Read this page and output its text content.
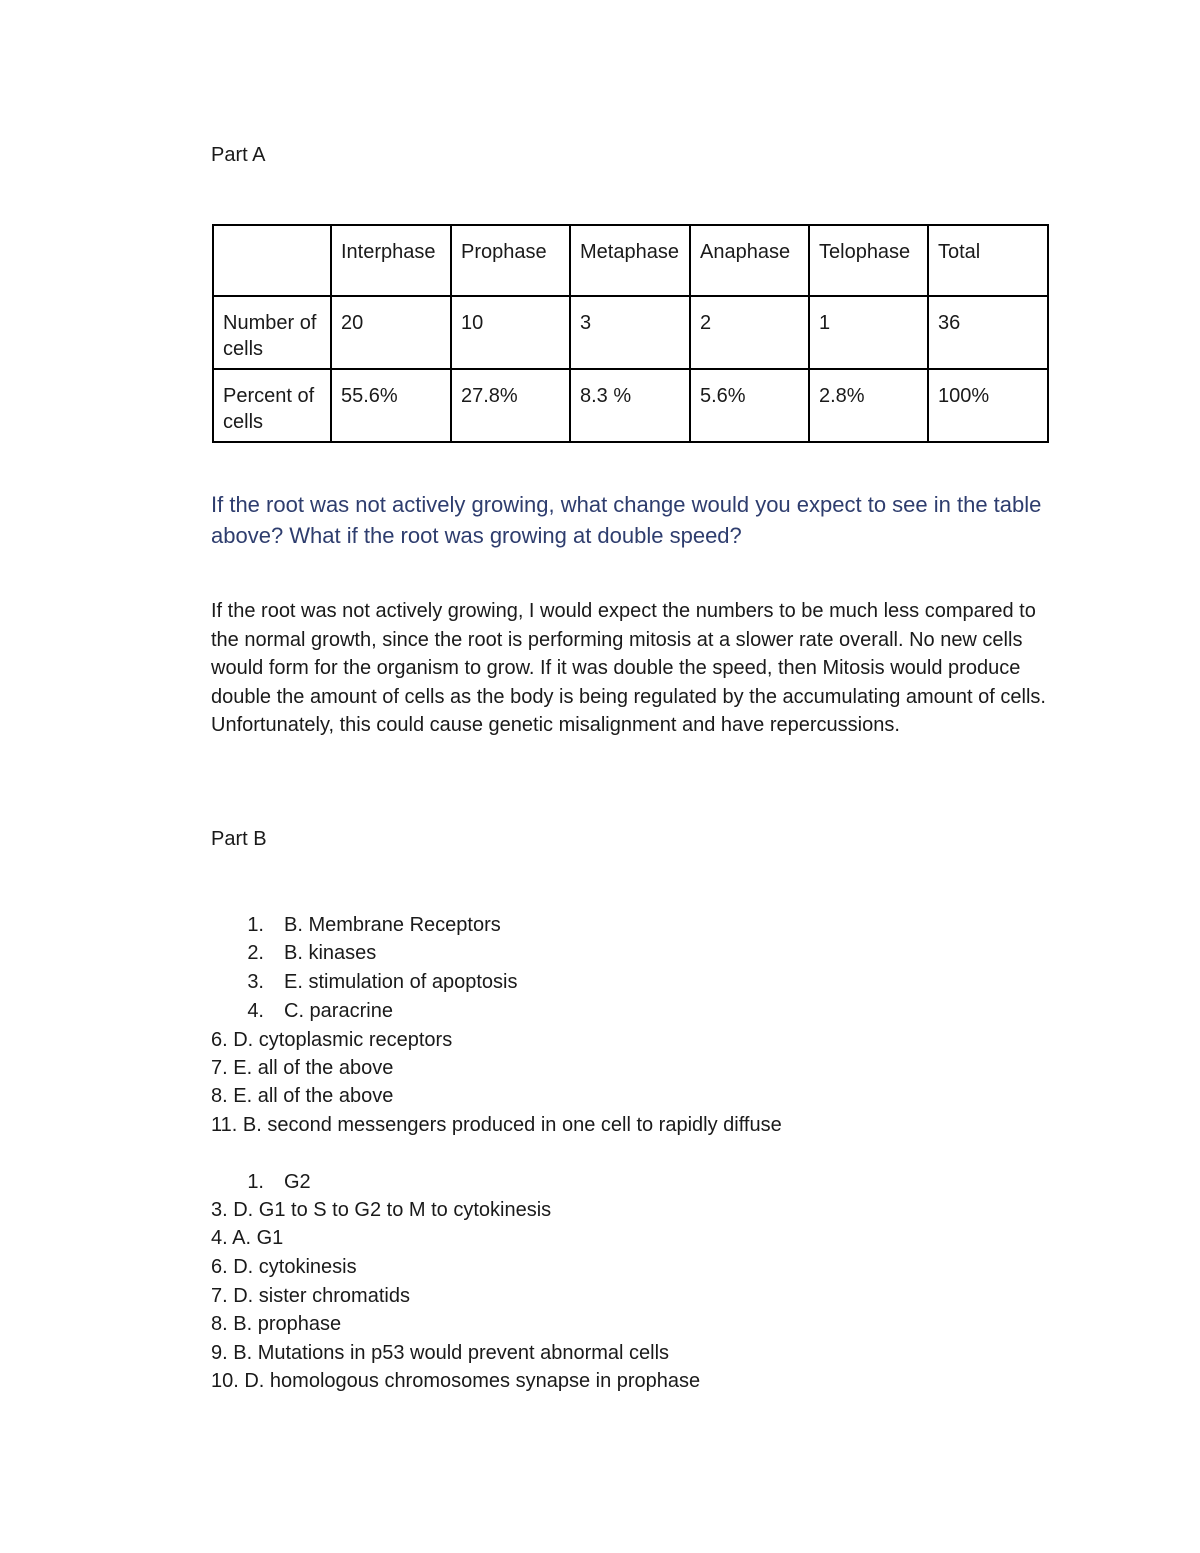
Part A
	Interphase	Prophase	Metaphase	Anaphase	Telophase	Total
Number of cells	20	10	3	2	1	36
Percent of cells	55.6%	27.8%	8.3 %	5.6%	2.8%	100%
If the root was not actively growing, what change would you expect to see in the table above? What if the root was growing at double speed?
If the root was not actively growing, I would expect the numbers to be much less compared to the normal growth, since the root is performing mitosis at a slower rate overall. No new cells would form for the organism to grow. If it was double the speed, then Mitosis would produce double the amount of cells as the body is being regulated by the accumulating amount of cells. Unfortunately, this could cause genetic misalignment and have repercussions.
Part B
1. B. Membrane Receptors
2. B. kinases
3. E. stimulation of apoptosis
4. C. paracrine
6. D. cytoplasmic receptors
7. E. all of the above
8. E. all of the above
11. B. second messengers produced in one cell to rapidly diffuse
1. G2
3. D. G1 to S to G2 to M to cytokinesis
4. A. G1
6. D. cytokinesis
7. D. sister chromatids
8. B. prophase
9. B. Mutations in p53 would prevent abnormal cells
10. D. homologous chromosomes synapse in prophase
